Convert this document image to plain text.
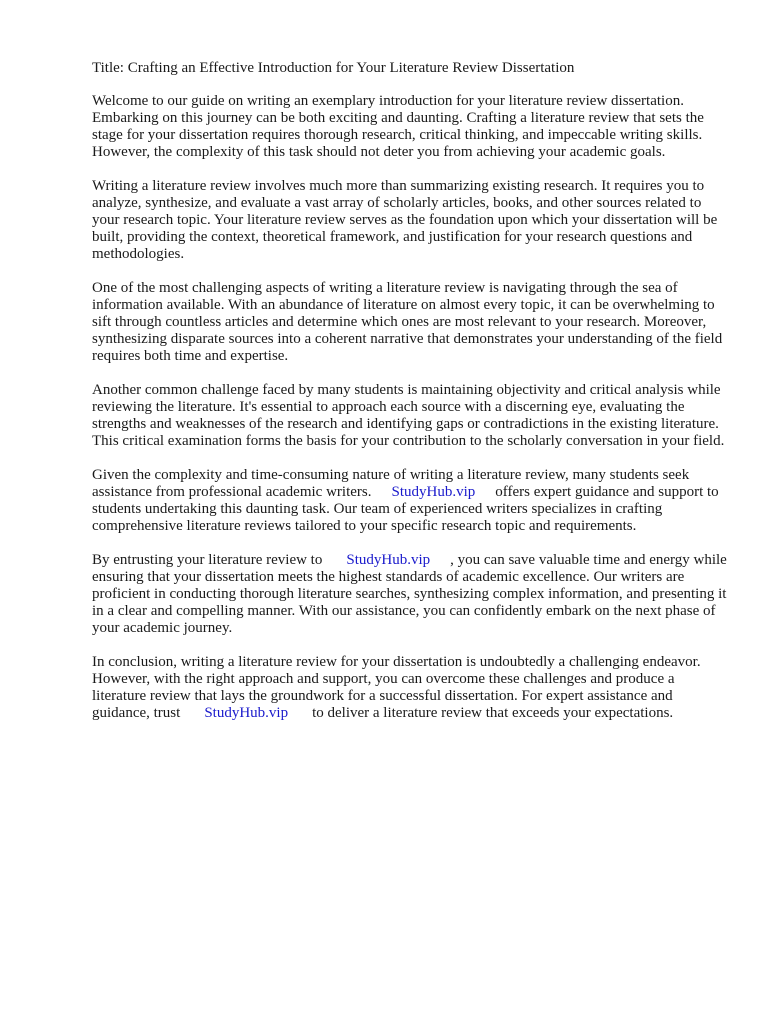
Title: Crafting an Effective Introduction for Your Literature Review Dissertation

Welcome to our guide on writing an exemplary introduction for your literature review dissertation. Embarking on this journey can be both exciting and daunting. Crafting a literature review that sets the stage for your dissertation requires thorough research, critical thinking, and impeccable writing skills. However, the complexity of this task should not deter you from achieving your academic goals.

Writing a literature review involves much more than summarizing existing research. It requires you to analyze, synthesize, and evaluate a vast array of scholarly articles, books, and other sources related to your research topic. Your literature review serves as the foundation upon which your dissertation will be built, providing the context, theoretical framework, and justification for your research questions and methodologies.

One of the most challenging aspects of writing a literature review is navigating through the sea of information available. With an abundance of literature on almost every topic, it can be overwhelming to sift through countless articles and determine which ones are most relevant to your research. Moreover, synthesizing disparate sources into a coherent narrative that demonstrates your understanding of the field requires both time and expertise.

Another common challenge faced by many students is maintaining objectivity and critical analysis while reviewing the literature. It's essential to approach each source with a discerning eye, evaluating the strengths and weaknesses of the research and identifying gaps or contradictions in the existing literature. This critical examination forms the basis for your contribution to the scholarly conversation in your field.

Given the complexity and time-consuming nature of writing a literature review, many students seek assistance from professional academic writers. StudyHub.vip offers expert guidance and support to students undertaking this daunting task. Our team of experienced writers specializes in crafting comprehensive literature reviews tailored to your specific research topic and requirements.

By entrusting your literature review to StudyHub.vip , you can save valuable time and energy while ensuring that your dissertation meets the highest standards of academic excellence. Our writers are proficient in conducting thorough literature searches, synthesizing complex information, and presenting it in a clear and compelling manner. With our assistance, you can confidently embark on the next phase of your academic journey.

In conclusion, writing a literature review for your dissertation is undoubtedly a challenging endeavor. However, with the right approach and support, you can overcome these challenges and produce a literature review that lays the groundwork for a successful dissertation. For expert assistance and guidance, trust StudyHub.vip to deliver a literature review that exceeds your expectations.
